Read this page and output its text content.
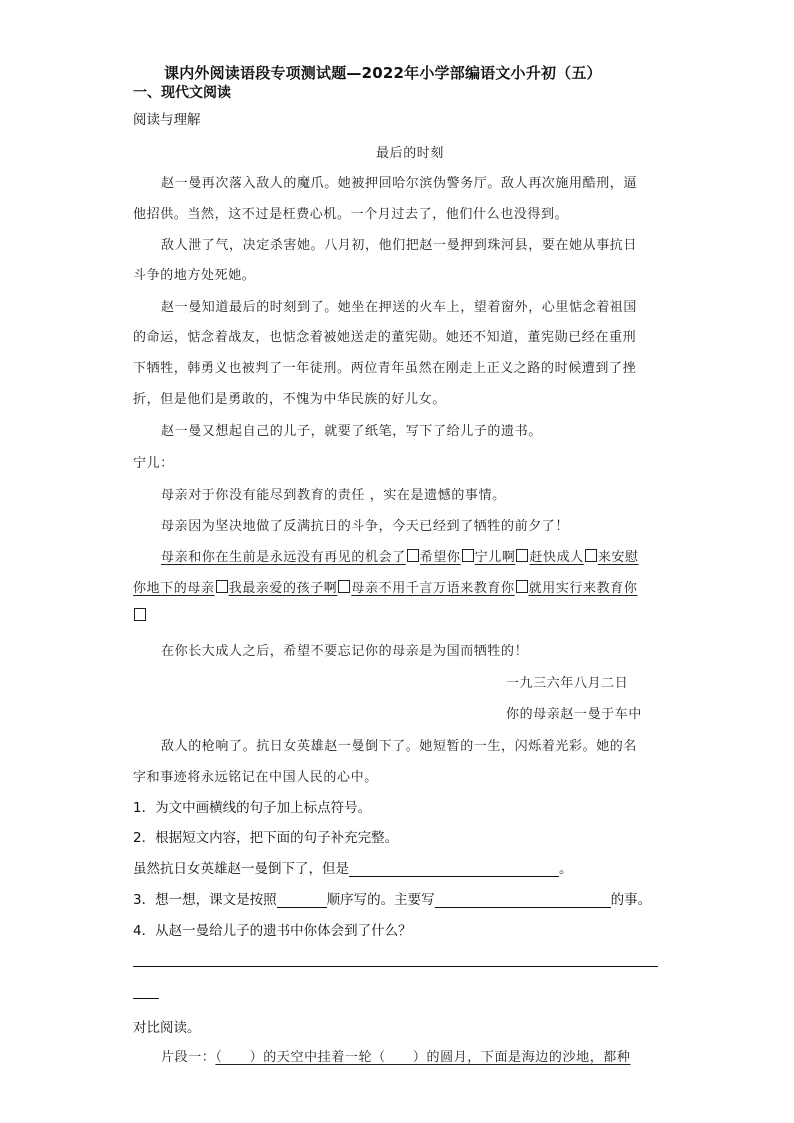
课内外阅读语段专项测试题—2022年小学部编语文小升初（五）
一、现代文阅读
阅读与理解
最后的时刻
赵一曼再次落入敌人的魔爪。她被押回哈尔滨伪警务厅。敌人再次施用酷刑，逼
他招供。当然，这不过是枉费心机。一个月过去了，他们什么也没得到。
敌人泄了气，决定杀害她。八月初，他们把赵一曼押到珠河县，要在她从事抗日
斗争的地方处死她。
赵一曼知道最后的时刻到了。她坐在押送的火车上，望着窗外，心里惦念着祖国
的命运，惦念着战友，也惦念着被她送走的董宪勋。她还不知道，董宪勋已经在重刑
下牺牲，韩勇义也被判了一年徒刑。两位青年虽然在刚走上正义之路的时候遭到了挫
折，但是他们是勇敢的，不愧为中华民族的好儿女。
赵一曼又想起自己的儿子，就要了纸笔，写下了给儿子的遗书。
宁儿：
母亲对于你没有能尽到教育的责任 ，实在是遗憾的事情。
母亲因为坚决地做了反满抗日的斗争，今天已经到了牺牲的前夕了！
母亲和你在生前是永远没有再见的机会了 希望你 宁儿啊 赶快成人 来安慰
你地下的母亲 我最亲爱的孩子啊 母亲不用千言万语来教育你 就用实行来教育你
在你长大成人之后，希望不要忘记你的母亲是为国而牺牲的！
一九三六年八月二日
你的母亲赵一曼于车中
敌人的枪响了。抗日女英雄赵一曼倒下了。她短暂的一生，闪烁着光彩。她的名
字和事迹将永远铭记在中国人民的心中。
1．为文中画横线的句子加上标点符号。
2．根据短文内容，把下面的句子补充完整。
虽然抗日女英雄赵一曼倒下了，但是	。
3．想一想，课文是按照	顺序写的。主要写	的事。
4．从赵一曼给儿子的遗书中你体会到了什么？
对比阅读。
片段一：（　　）的天空中挂着一轮（　　）的圆月，下面是海边的沙地，都种
